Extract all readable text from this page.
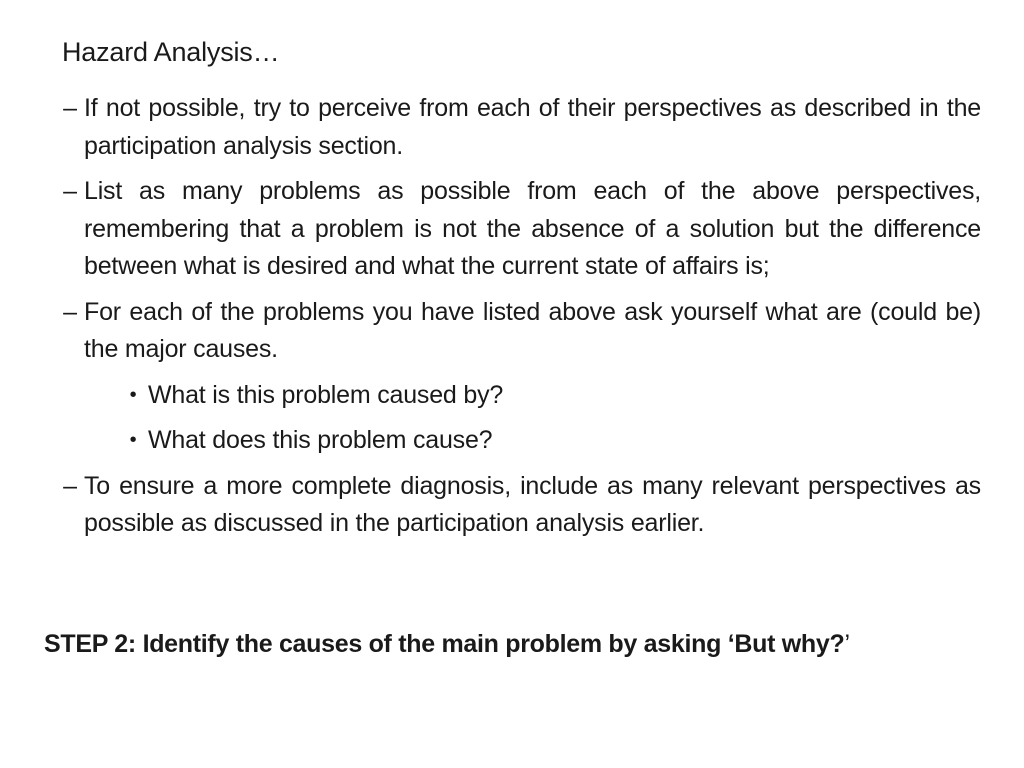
Hazard Analysis…
– If not possible, try to perceive from each of their perspectives as described in the participation analysis section.
– List as many problems as possible from each of the above perspectives, remembering that a problem is not the absence of a solution but the difference between what is desired and what the current state of affairs is;
– For each of the problems you have listed above ask yourself what are (could be) the major causes.
• What is this problem caused by?
• What does this problem cause?
– To ensure a more complete diagnosis, include as many relevant perspectives as possible as discussed in the participation analysis earlier.
STEP 2: Identify the causes of the main problem by asking ‘But why?’
